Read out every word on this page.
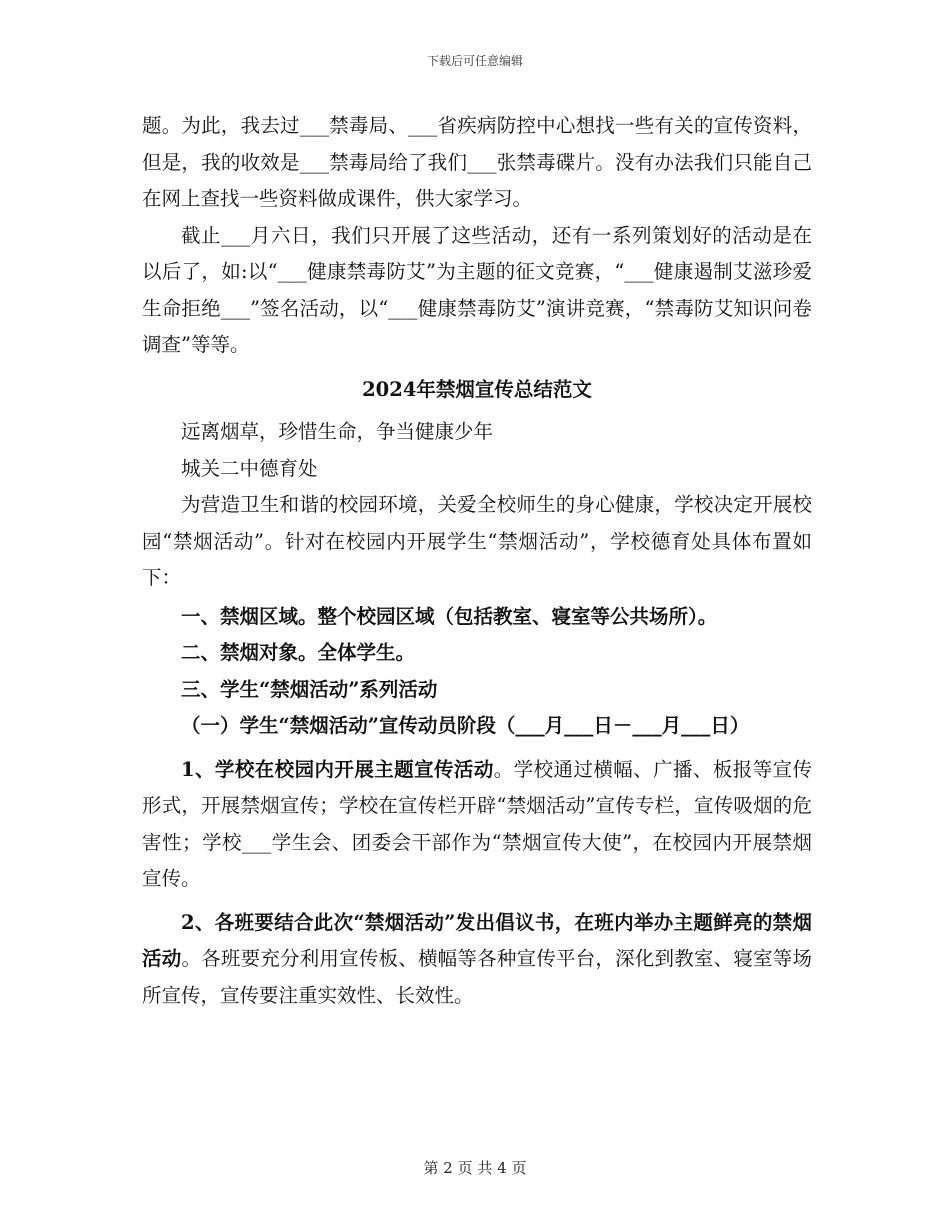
下载后可任意编辑

题。为此，我去过___禁毒局、___省疾病防控中心想找一些有关的宣传资料，但是，我的收效是___禁毒局给了我们___张禁毒碟片。没有办法我们只能自己在网上查找一些资料做成课件，供大家学习。

截止___月六日，我们只开展了这些活动，还有一系列策划好的活动是在以后了，如:以“___健康禁毒防艾”为主题的征文竞赛，“___健康遏制艾滋珍爱生命拒绝___”签名活动，以“___健康禁毒防艾”演讲竞赛，“禁毒防艾知识问卷调查”等等。

2024年禁烟宣传总结范文

远离烟草，珍惜生命，争当健康少年

城关二中德育处

为营造卫生和谐的校园环境，关爱全校师生的身心健康，学校决定开展校园“禁烟活动”。针对在校园内开展学生“禁烟活动”，学校德育处具体布置如下：

一、禁烟区域。整个校园区域（包括教室、寝室等公共场所）。

二、禁烟对象。全体学生。

三、学生“禁烟活动”系列活动

（一）学生“禁烟活动”宣传动员阶段（___月___日－___月___日）

1、学校在校园内开展主题宣传活动。学校通过横幅、广播、板报等宣传形式，开展禁烟宣传；学校在宣传栏开辟“禁烟活动”宣传专栏，宣传吸烟的危害性；学校___学生会、团委会干部作为“禁烟宣传大使”，在校园内开展禁烟宣传。

2、各班要结合此次“禁烟活动”发出倡议书，在班内举办主题鲜亮的禁烟活动。各班要充分利用宣传板、横幅等各种宣传平台，深化到教室、寝室等场所宣传，宣传要注重实效性、长效性。

第 2 页 共 4 页
